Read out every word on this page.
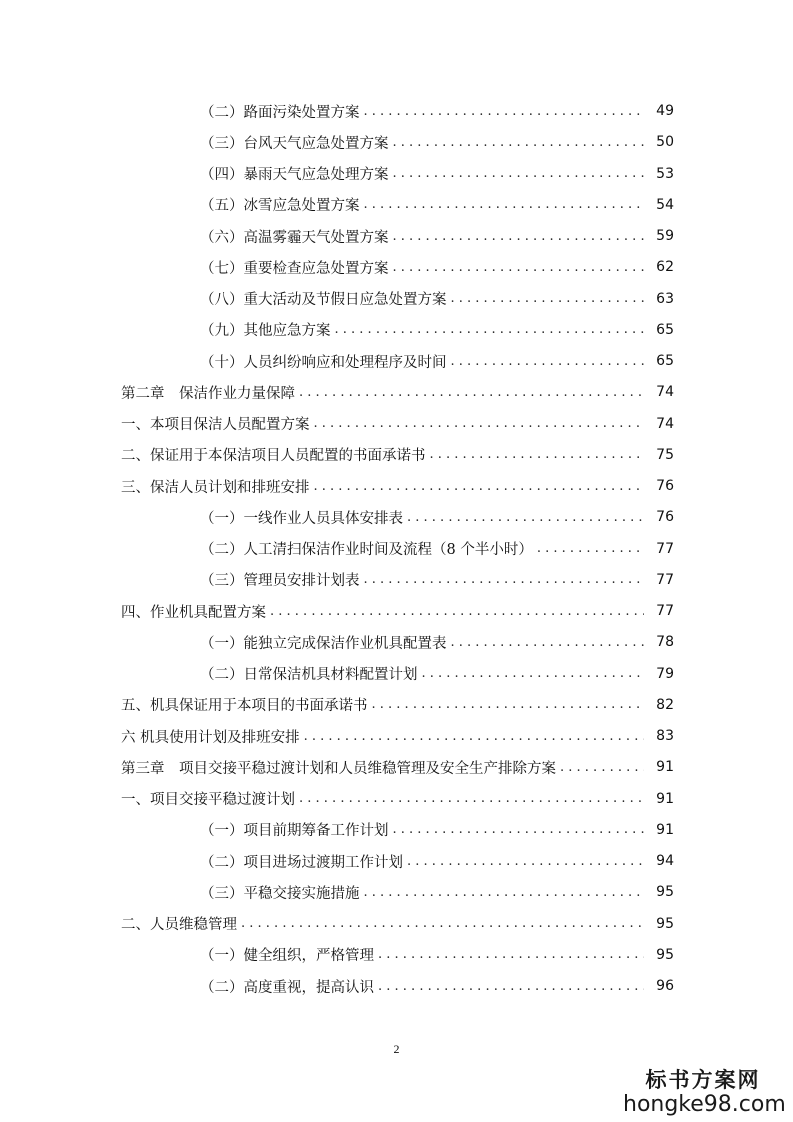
（二）路面污染处置方案 . . .	49
（三）台风天气应急处置方案 . . .	50
（四）暴雨天气应急处理方案 . . .	53
（五）冰雪应急处置方案 . . .	54
（六）高温雾霾天气处置方案 . . .	59
（七）重要检查应急处置方案 . . .	62
（八）重大活动及节假日应急处置方案 . . .	63
（九）其他应急方案 . . .	65
（十）人员纠纷响应和处理程序及时间 . . .	65
第二章　保洁作业力量保障 . . .	74
一、本项目保洁人员配置方案 . . .	74
二、保证用于本保洁项目人员配置的书面承诺书 . . .	75
三、保洁人员计划和排班安排 . . .	76
（一）一线作业人员具体安排表 . . .	76
（二）人工清扫保洁作业时间及流程（8 个半小时） . . .	77
（三）管理员安排计划表 . . .	77
四、作业机具配置方案 . . .	77
（一）能独立完成保洁作业机具配置表 . . .	78
（二）日常保洁机具材料配置计划 . . .	79
五、机具保证用于本项目的书面承诺书 . . .	82
六 机具使用计划及排班安排 . . .	83
第三章　项目交接平稳过渡计划和人员维稳管理及安全生产排除方案 . . .	91
一、项目交接平稳过渡计划 . . .	91
（一）项目前期筹备工作计划 . . .	91
（二）项目进场过渡期工作计划 . . .	94
（三）平稳交接实施措施 . . .	95
二、人员维稳管理 . . .	95
（一）健全组织，严格管理 . . .	95
（二）高度重视，提高认识 . . .	96
2
标书方案网
hongke98.com
